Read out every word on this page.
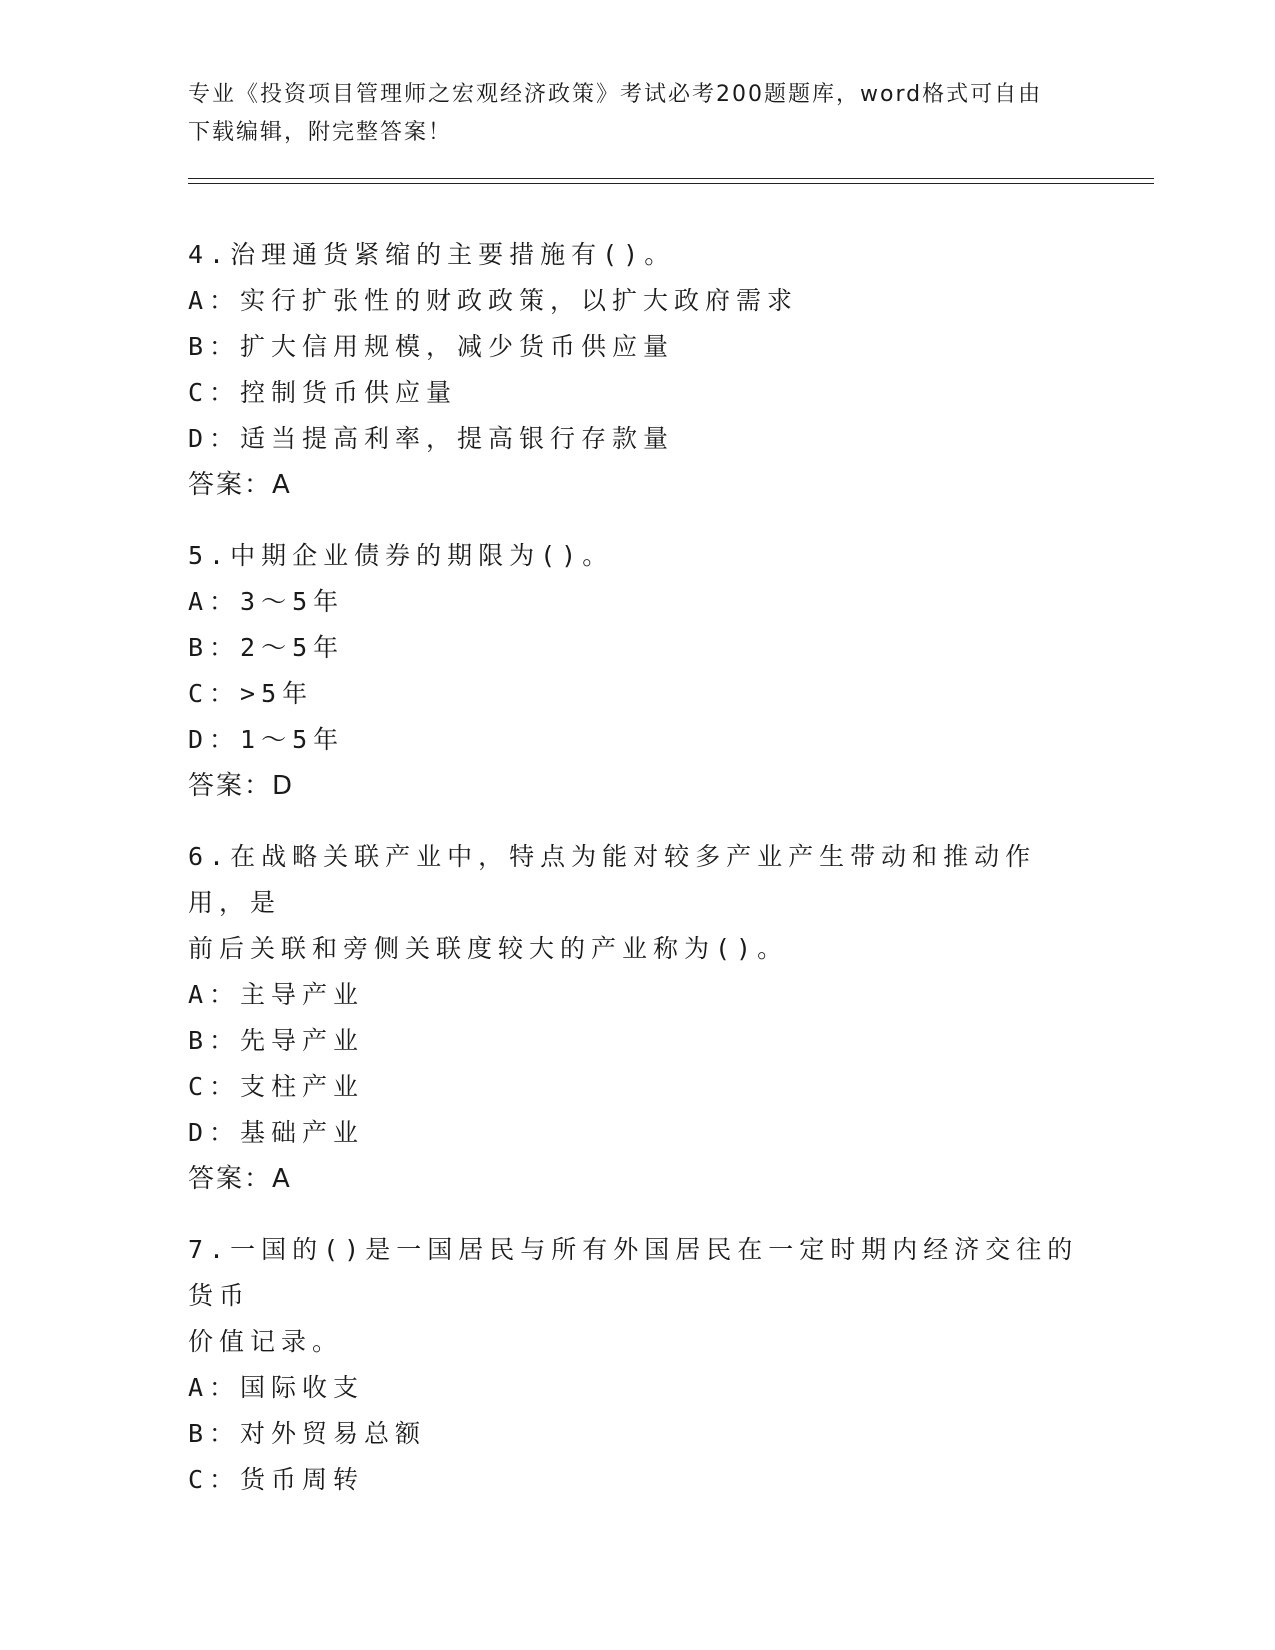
专业《投资项目管理师之宏观经济政策》考试必考200题题库，word格式可自由
下载编辑，附完整答案！
4.治理通货紧缩的主要措施有()。
A：实行扩张性的财政政策，以扩大政府需求
B：扩大信用规模，减少货币供应量
C：控制货币供应量
D：适当提高利率，提高银行存款量
答案：A
5.中期企业债券的期限为()。
A：3～5年
B：2～5年
C：>5年
D：1～5年
答案：D
6.在战略关联产业中，特点为能对较多产业产生带动和推动作用，是
前后关联和旁侧关联度较大的产业称为()。
A：主导产业
B：先导产业
C：支柱产业
D：基础产业
答案：A
7.一国的()是一国居民与所有外国居民在一定时期内经济交往的货币
价值记录。
A：国际收支
B：对外贸易总额
C：货币周转
